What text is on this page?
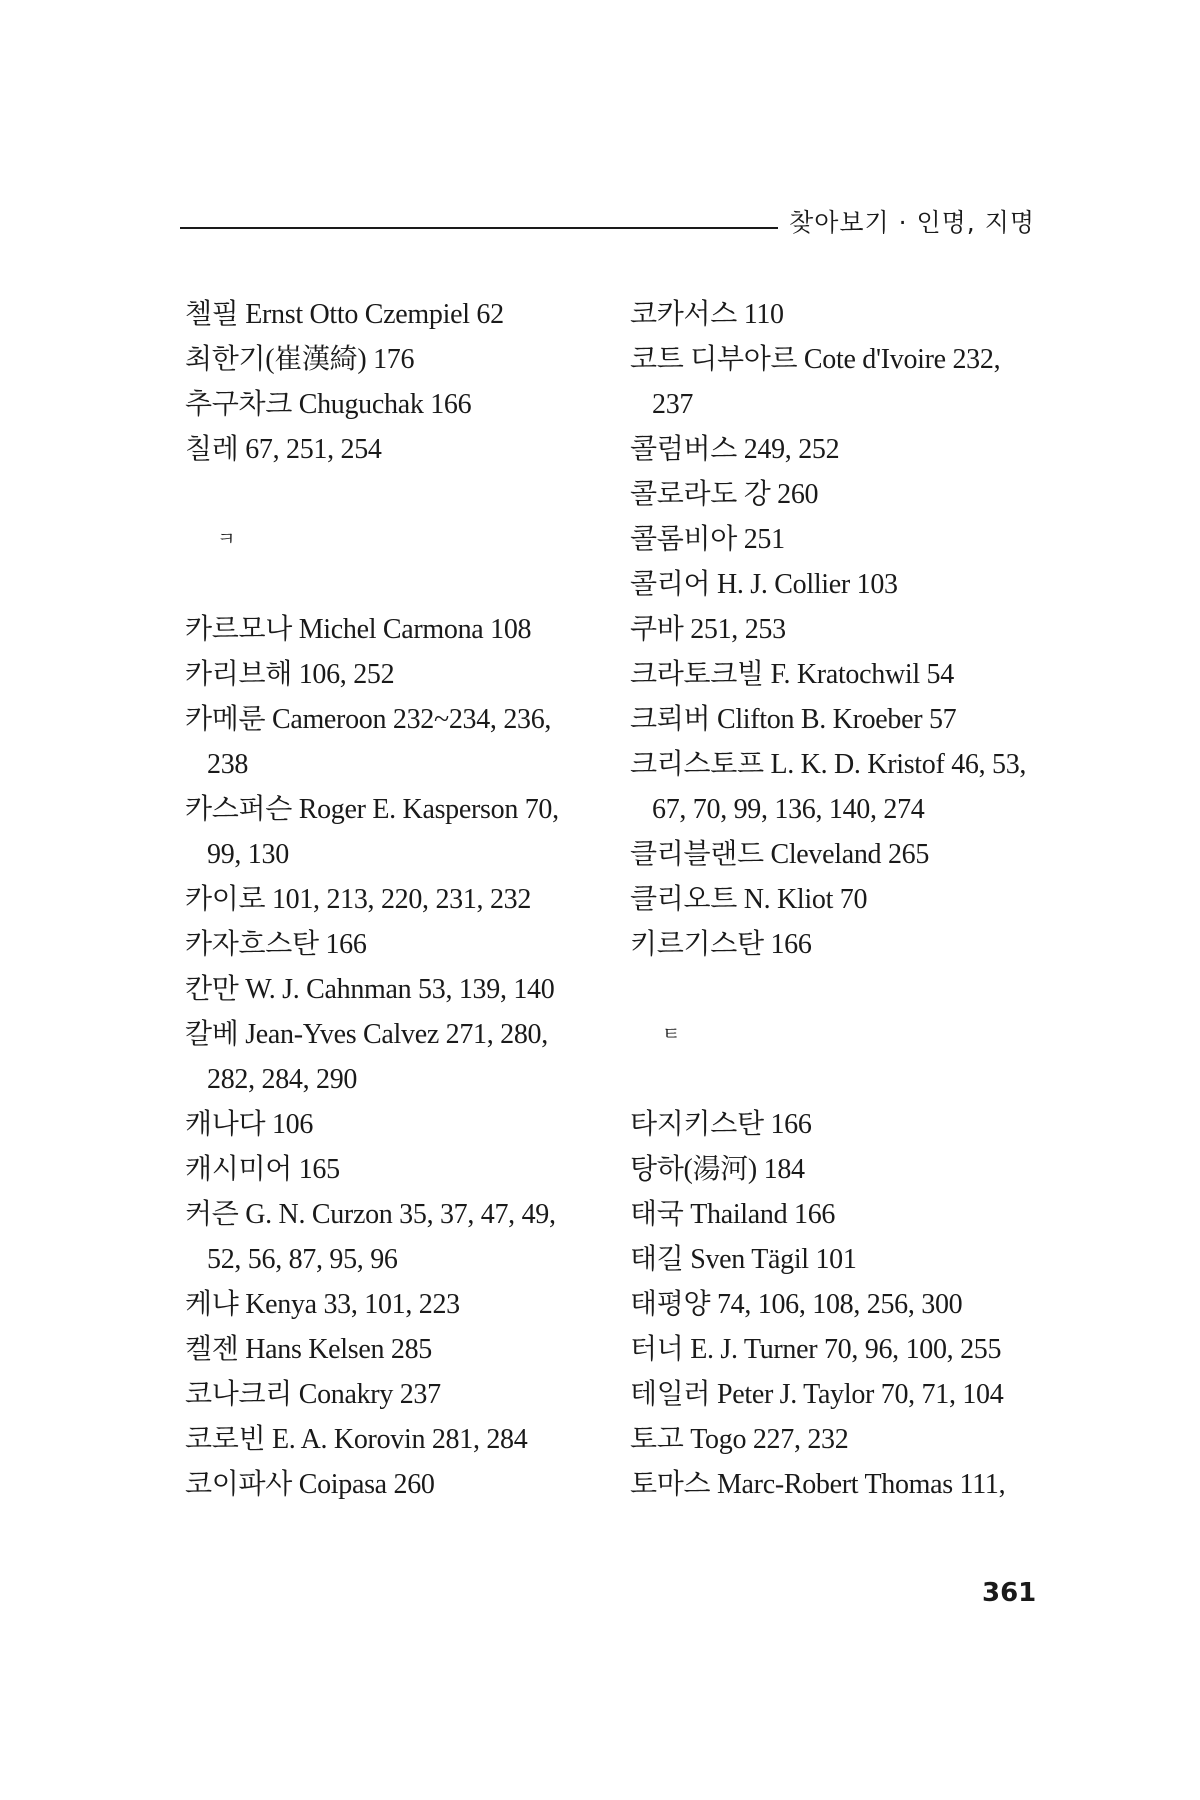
찾아보기 · 인명, 지명
첼필 Ernst Otto Czempiel 62
최한기(崔漢綺) 176
추구차크 Chuguchak 166
칠레 67, 251, 254
ㅋ
카르모나 Michel Carmona 108
카리브해 106, 252
카메룬 Cameroon 232~234, 236,
238
카스퍼슨 Roger E. Kasperson 70,
99, 130
카이로 101, 213, 220, 231, 232
카자흐스탄 166
칸만 W. J. Cahnman 53, 139, 140
칼베 Jean-Yves Calvez 271, 280,
282, 284, 290
캐나다 106
캐시미어 165
커즌 G. N. Curzon 35, 37, 47, 49,
52, 56, 87, 95, 96
케냐 Kenya 33, 101, 223
켈젠 Hans Kelsen 285
코나크리 Conakry 237
코로빈 E. A. Korovin 281, 284
코이파사 Coipasa 260
코카서스 110
코트 디부아르 Cote d'Ivoire 232,
237
콜럼버스 249, 252
콜로라도 강 260
콜롬비아 251
콜리어 H. J. Collier 103
쿠바 251, 253
크라토크빌 F. Kratochwil 54
크뢰버 Clifton B. Kroeber 57
크리스토프 L. K. D. Kristof 46, 53,
67, 70, 99, 136, 140, 274
클리블랜드 Cleveland 265
클리오트 N. Kliot 70
키르기스탄 166
ㅌ
타지키스탄 166
탕하(湯河) 184
태국 Thailand 166
태길 Sven Tägil 101
태평양 74, 106, 108, 256, 300
터너 E. J. Turner 70, 96, 100, 255
테일러 Peter J. Taylor 70, 71, 104
토고 Togo 227, 232
토마스 Marc-Robert Thomas 111,
361
